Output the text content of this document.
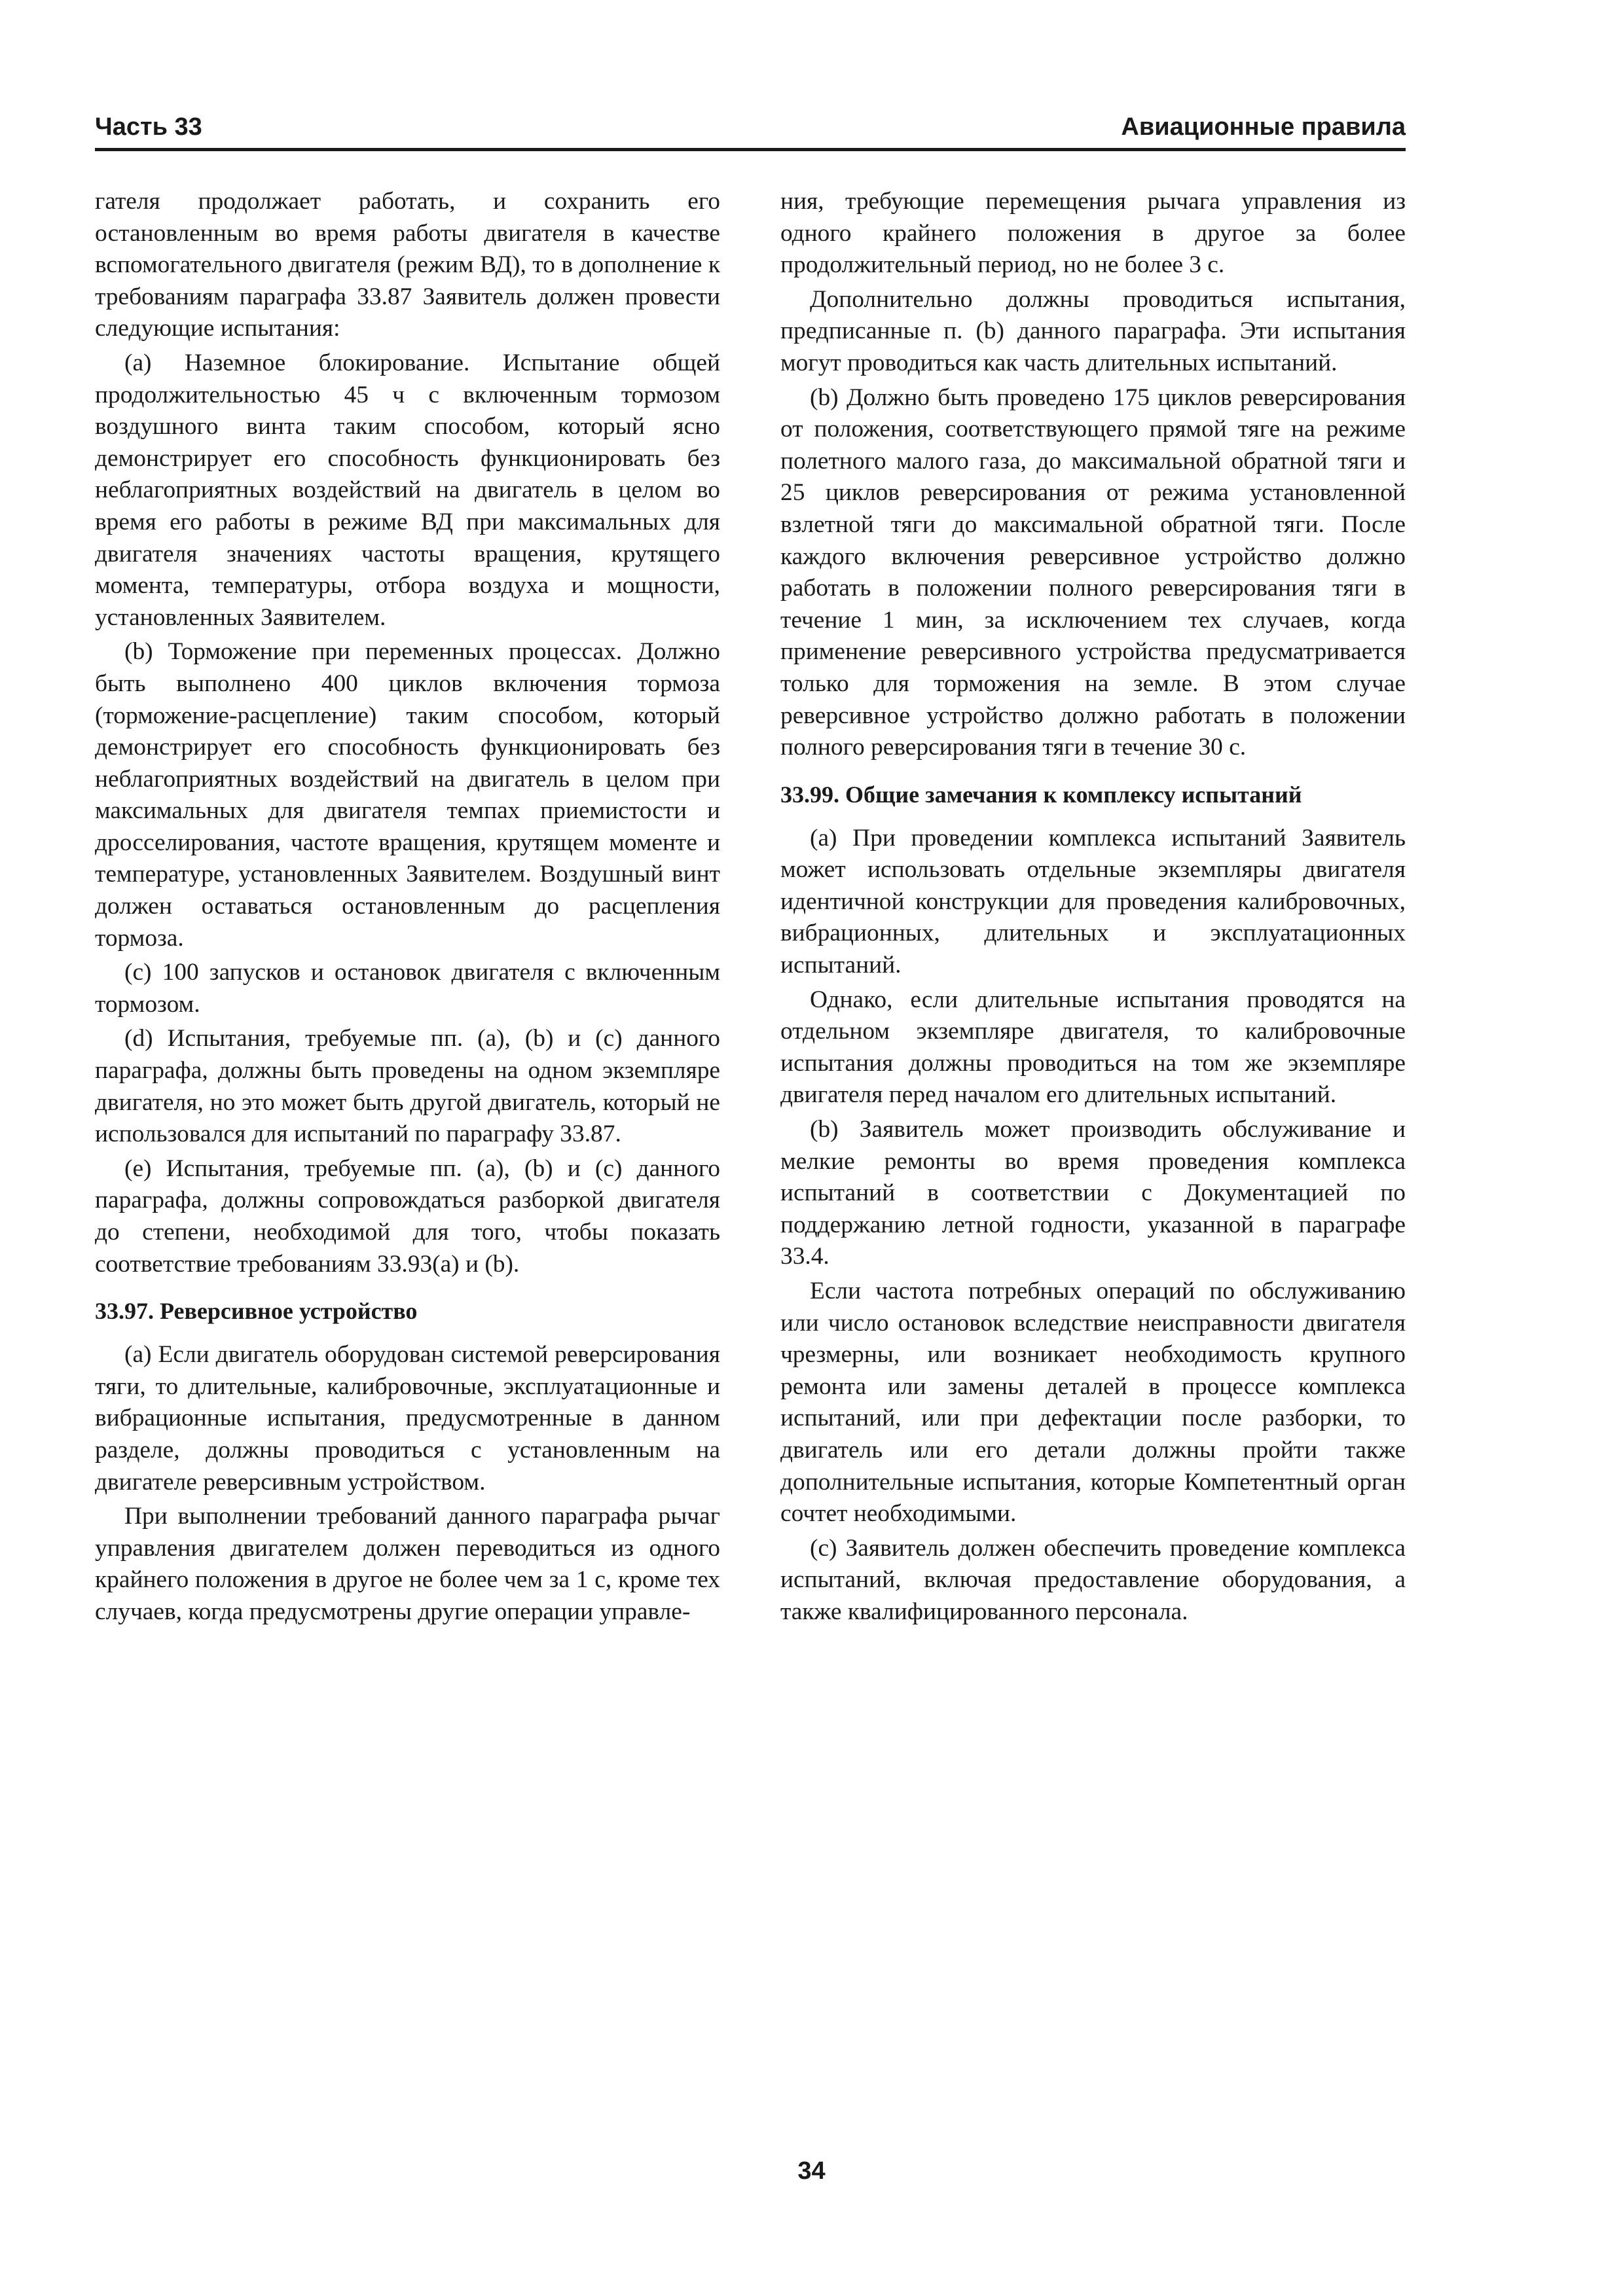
Часть 33	Авиационные правила

гателя продолжает работать, и сохранить его остановленным во время работы двигателя в качестве вспомогательного двигателя (режим ВД), то в дополнение к требованиям параграфа 33.87 Заявитель должен провести следующие испытания:

(а) Наземное блокирование. Испытание общей продолжительностью 45 ч с включенным тормозом воздушного винта таким способом, который ясно демонстрирует его способность функционировать без неблагоприятных воздействий на двигатель в целом во время его работы в режиме ВД при максимальных для двигателя значениях частоты вращения, крутящего момента, температуры, отбора воздуха и мощности, установленных Заявителем.

(b) Торможение при переменных процессах. Должно быть выполнено 400 циклов включения тормоза (торможение-расцепление) таким способом, который демонстрирует его способность функционировать без неблагоприятных воздействий на двигатель в целом при максимальных для двигателя темпах приемистости и дросселирования, частоте вращения, крутящем моменте и температуре, установленных Заявителем. Воздушный винт должен оставаться остановленным до расцепления тормоза.

(с) 100 запусков и остановок двигателя с включенным тормозом.

(d) Испытания, требуемые пп. (а), (b) и (с) данного параграфа, должны быть проведены на одном экземпляре двигателя, но это может быть другой двигатель, который не использовался для испытаний по параграфу 33.87.

(е) Испытания, требуемые пп. (а), (b) и (с) данного параграфа, должны сопровождаться разборкой двигателя до степени, необходимой для того, чтобы показать соответствие требованиям 33.93(а) и (b).

33.97. Реверсивное устройство

(а) Если двигатель оборудован системой реверсирования тяги, то длительные, калибровочные, эксплуатационные и вибрационные испытания, предусмотренные в данном разделе, должны проводиться с установленным на двигателе реверсивным устройством.

При выполнении требований данного параграфа рычаг управления двигателем должен переводиться из одного крайнего положения в другое не более чем за 1 с, кроме тех случаев, когда предусмотрены другие операции управле-

ния, требующие перемещения рычага управления из одного крайнего положения в другое за более продолжительный период, но не более 3 с.

Дополнительно должны проводиться испытания, предписанные п. (b) данного параграфа. Эти испытания могут проводиться как часть длительных испытаний.

(b) Должно быть проведено 175 циклов реверсирования от положения, соответствующего прямой тяге на режиме полетного малого газа, до максимальной обратной тяги и 25 циклов реверсирования от режима установленной взлетной тяги до максимальной обратной тяги. После каждого включения реверсивное устройство должно работать в положении полного реверсирования тяги в течение 1 мин, за исключением тех случаев, когда применение реверсивного устройства предусматривается только для торможения на земле. В этом случае реверсивное устройство должно работать в положении полного реверсирования тяги в течение 30 с.

33.99. Общие замечания к комплексу испытаний

(а) При проведении комплекса испытаний Заявитель может использовать отдельные экземпляры двигателя идентичной конструкции для проведения калибровочных, вибрационных, длительных и эксплуатационных испытаний.

Однако, если длительные испытания проводятся на отдельном экземпляре двигателя, то калибровочные испытания должны проводиться на том же экземпляре двигателя перед началом его длительных испытаний.

(b) Заявитель может производить обслуживание и мелкие ремонты во время проведения комплекса испытаний в соответствии с Документацией по поддержанию летной годности, указанной в параграфе 33.4.

Если частота потребных операций по обслуживанию или число остановок вследствие неисправности двигателя чрезмерны, или возникает необходимость крупного ремонта или замены деталей в процессе комплекса испытаний, или при дефектации после разборки, то двигатель или его детали должны пройти также дополнительные испытания, которые Компетентный орган сочтет необходимыми.

(с) Заявитель должен обеспечить проведение комплекса испытаний, включая предоставление оборудования, а также квалифицированного персонала.

34
